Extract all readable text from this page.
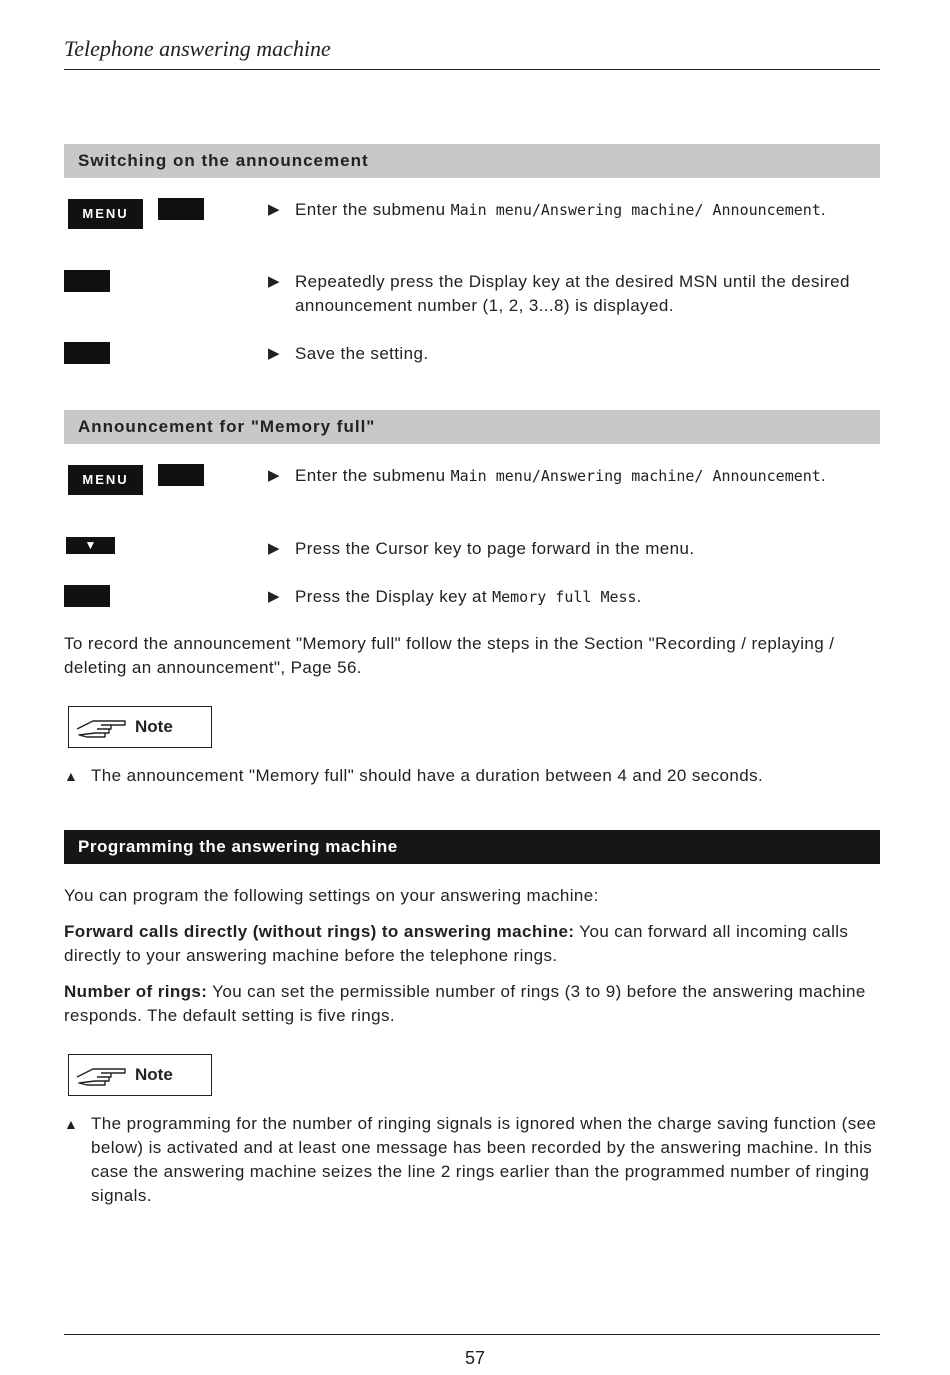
Telephone answering machine
Switching on the announcement
MENU	▶ Enter the submenu Main menu/Answering machine/ Announcement.
▶ Repeatedly press the Display key at the desired MSN until the desired announcement number (1, 2, 3...8) is displayed.
▶ Save the setting.
Announcement for "Memory full"
MENU	▶ Enter the submenu Main menu/Answering machine/ Announcement.
▼	▶ Press the Cursor key to page forward in the menu.
▶ Press the Display key at Memory full Mess.
To record the announcement "Memory full" follow the steps in the Section "Recording / replaying / deleting an announcement", Page 56.
Note
▲ The announcement "Memory full" should have a duration between 4 and 20 seconds.
Programming the answering machine
You can program the following settings on your answering machine:
Forward calls directly (without rings) to answering machine: You can forward all incoming calls directly to your answering machine before the telephone rings.
Number of rings: You can set the permissible number of rings (3 to 9) before the answering machine responds. The default setting is five rings.
Note
▲ The programming for the number of ringing signals is ignored when the charge saving function (see below) is activated and at least one message has been recorded by the answering machine. In this case the answering machine seizes the line 2 rings earlier than the programmed number of ringing signals.
57
